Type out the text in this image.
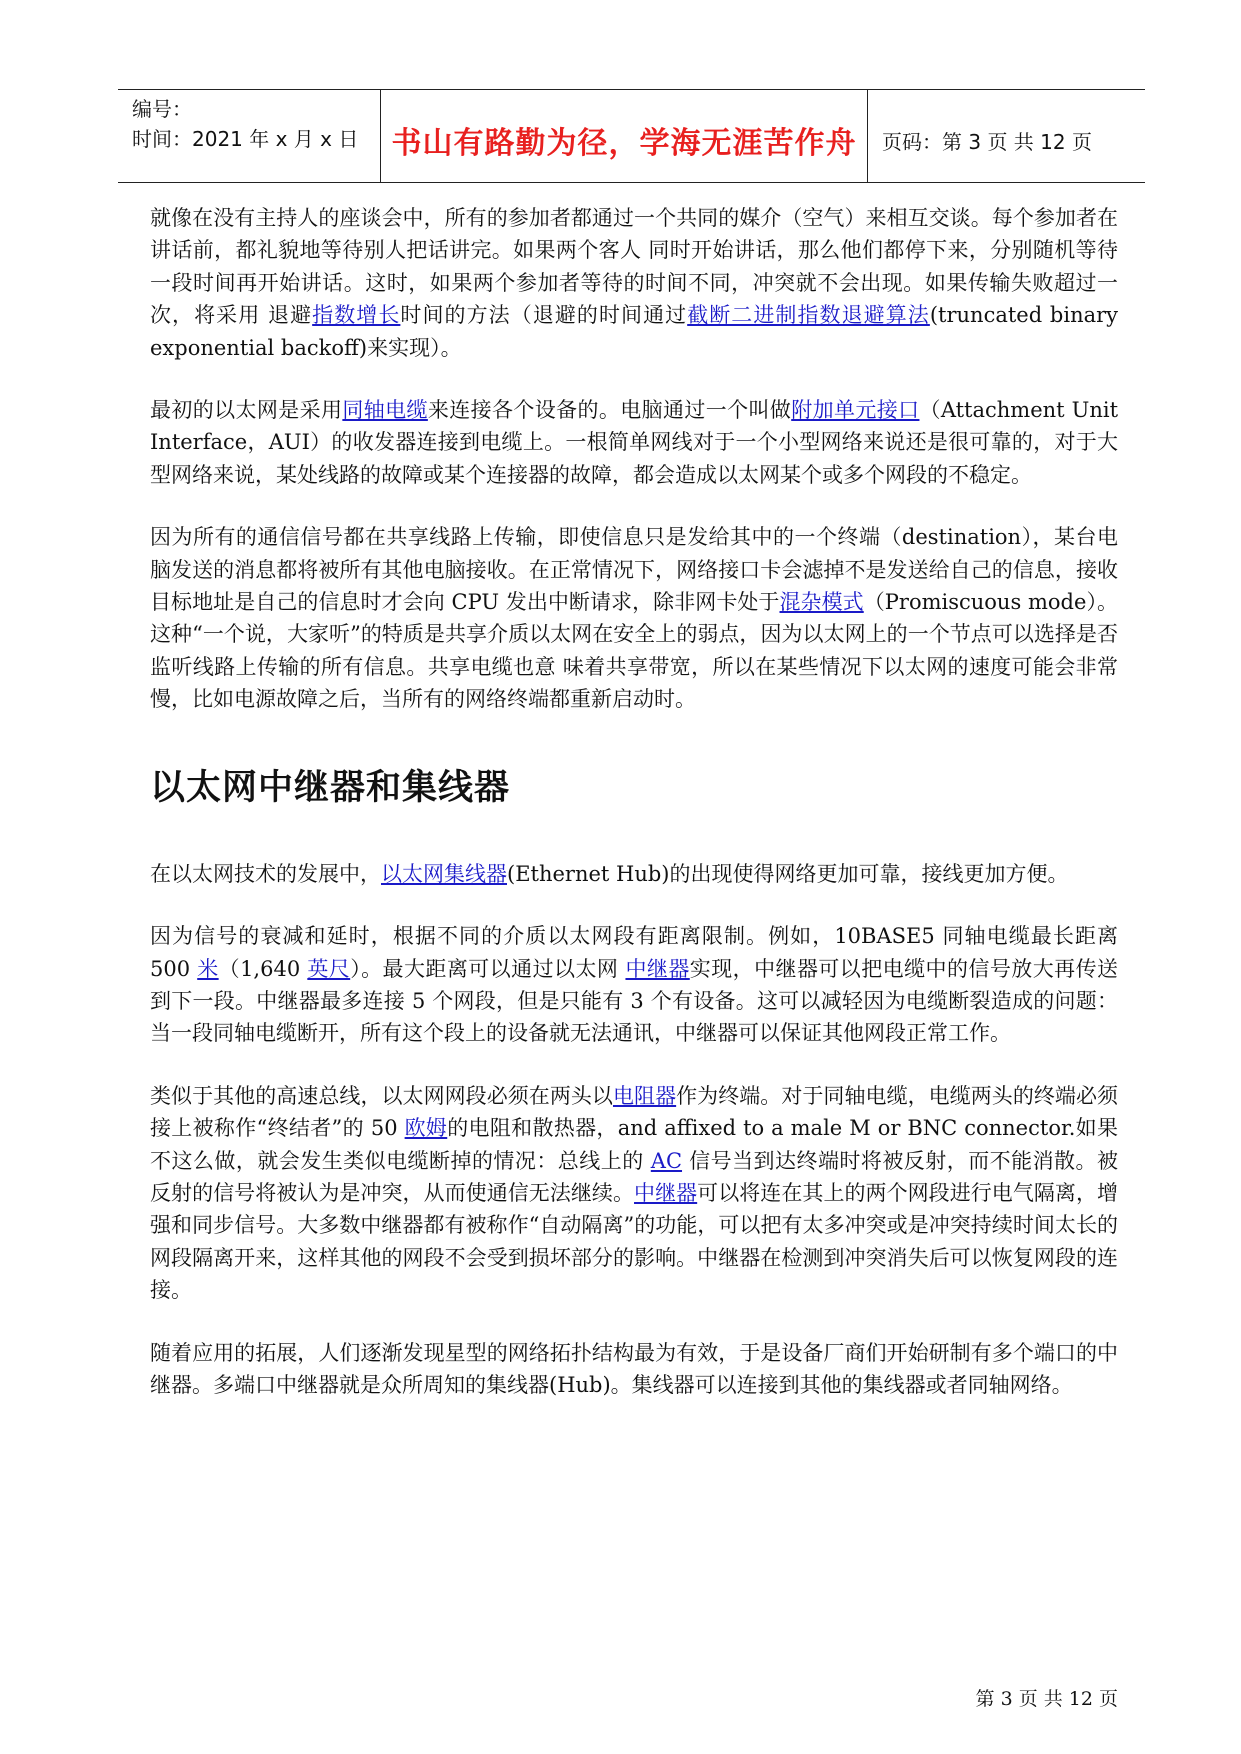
编号：
时间：2021 年 x 月 x 日	书山有路勤为径，学海无涯苦作舟 页码：第 3 页 共 12 页

就像在没有主持人的座谈会中，所有的参加者都通过一个共同的媒介（空气）来相互交谈。每个参加者在讲话前，都礼貌地等待别人把话讲完。如果两个客人 同时开始讲话，那么他们都停下来，分别随机等待一段时间再开始讲话。这时，如果两个参加者等待的时间不同，冲突就不会出现。如果传输失败超过一次，将采用 退避指数增长时间的方法（退避的时间通过截断二进制指数退避算法(truncated binary exponential backoff)来实现）。

最初的以太网是采用同轴电缆来连接各个设备的。电脑通过一个叫做附加单元接口（Attachment Unit Interface，AUI）的收发器连接到电缆上。一根简单网线对于一个小型网络来说还是很可靠的，对于大型网络来说，某处线路的故障或某个连接器的故障，都会造成以太网某个或多个网段的不稳定。

因为所有的通信信号都在共享线路上传输，即使信息只是发给其中的一个终端（destination），某台电脑发送的消息都将被所有其他电脑接收。在正常情况下，网络接口卡会滤掉不是发送给自己的信息，接收目标地址是自己的信息时才会向 CPU 发出中断请求，除非网卡处于混杂模式（Promiscuous mode）。这种“一个说，大家听”的特质是共享介质以太网在安全上的弱点，因为以太网上的一个节点可以选择是否监听线路上传输的所有信息。共享电缆也意 味着共享带宽，所以在某些情况下以太网的速度可能会非常慢，比如电源故障之后，当所有的网络终端都重新启动时。

以太网中继器和集线器

在以太网技术的发展中，以太网集线器(Ethernet Hub)的出现使得网络更加可靠，接线更加方便。

因为信号的衰减和延时，根据不同的介质以太网段有距离限制。例如，10BASE5 同轴电缆最长距离 500 米（1,640 英尺）。最大距离可以通过以太网 中继器实现，中继器可以把电缆中的信号放大再传送到下一段。中继器最多连接 5 个网段，但是只能有 3 个有设备。这可以减轻因为电缆断裂造成的问题：当一段同轴电缆断开，所有这个段上的设备就无法通讯，中继器可以保证其他网段正常工作。

类似于其他的高速总线，以太网网段必须在两头以电阻器作为终端。对于同轴电缆，电缆两头的终端必须接上被称作“终结者”的 50 欧姆的电阻和散热器，and affixed to a male M or BNC connector.如果不这么做，就会发生类似电缆断掉的情况：总线上的 AC 信号当到达终端时将被反射，而不能消散。被反射的信号将被认为是冲突，从而使通信无法继续。中继器可以将连在其上的两个网段进行电气隔离，增强和同步信号。大多数中继器都有被称作“自动隔离”的功能，可以把有太多冲突或是冲突持续时间太长的网段隔离开来，这样其他的网段不会受到损坏部分的影响。中继器在检测到冲突消失后可以恢复网段的连接。

随着应用的拓展，人们逐渐发现星型的网络拓扑结构最为有效，于是设备厂商们开始研制有多个端口的中继器。多端口中继器就是众所周知的集线器(Hub)。集线器可以连接到其他的集线器或者同轴网络。

第 3 页 共 12 页
